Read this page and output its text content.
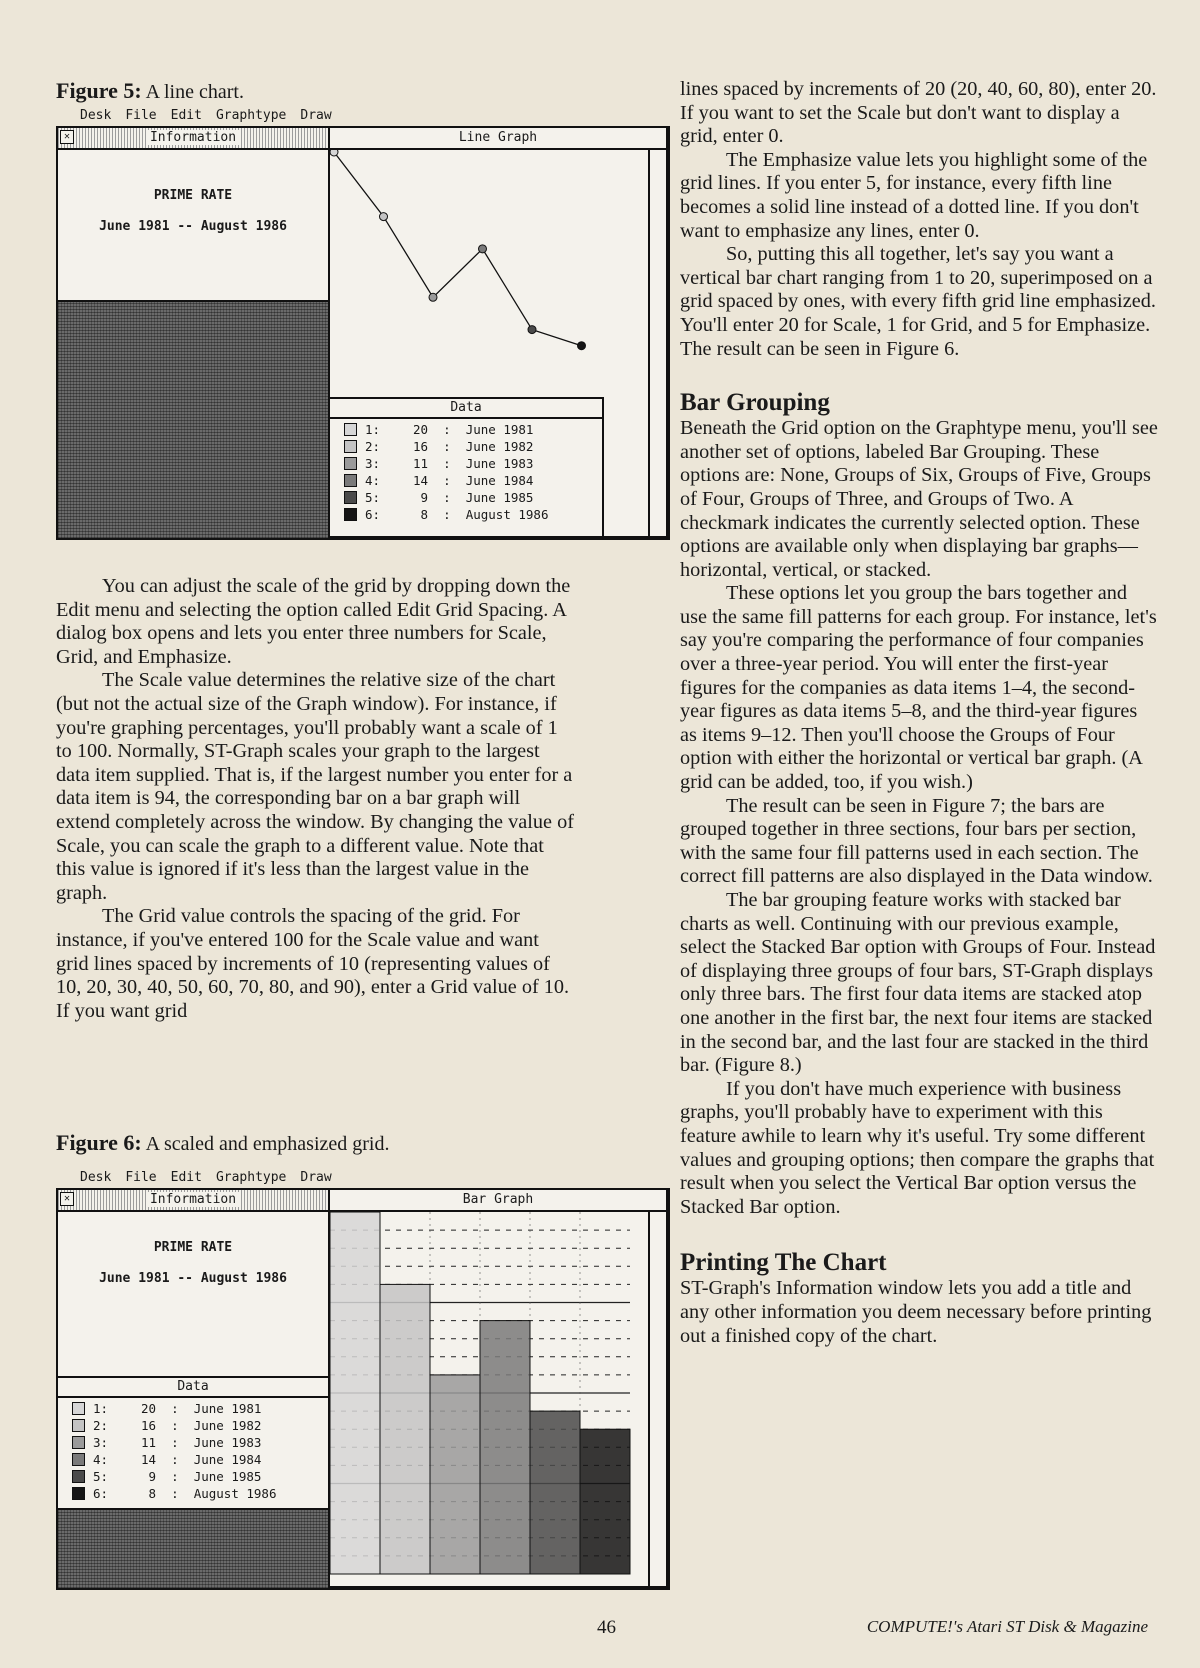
Figure 5: A line chart.
Desk File Edit Graphtype Draw
Line Graph
✕	Information
PRIME RATE
June 1981 -- August 1986
Data
1:	20  :  June 1981
2:	16  :  June 1982
3:	11  :  June 1983
4:	14  :  June 1984
5:	9  :  June 1985
6:	8  :  August 1986

You can adjust the scale of the grid by dropping down the Edit menu and selecting the option called Edit Grid Spacing. A dialog box opens and lets you enter three numbers for Scale, Grid, and Emphasize.

The Scale value determines the relative size of the chart (but not the actual size of the Graph window). For instance, if you're graphing percentages, you'll probably want a scale of 1 to 100. Normally, ST-Graph scales your graph to the largest data item supplied. That is, if the largest number you enter for a data item is 94, the corresponding bar on a bar graph will extend completely across the window. By changing the value of Scale, you can scale the graph to a different value. Note that this value is ignored if it's less than the largest value in the graph.

The Grid value controls the spacing of the grid. For instance, if you've entered 100 for the Scale value and want grid lines spaced by increments of 10 (representing values of 10, 20, 30, 40, 50, 60, 70, 80, and 90), enter a Grid value of 10. If you want grid

Figure 6: A scaled and emphasized grid.
Desk File Edit Graphtype Draw
Bar Graph
✕	Information
PRIME RATE
June 1981 -- August 1986
Data
1:	20  :  June 1981
2:	16  :  June 1982
3:	11  :  June 1983
4:	14  :  June 1984
5:	9  :  June 1985
6:	8  :  August 1986

lines spaced by increments of 20 (20, 40, 60, 80), enter 20. If you want to set the Scale but don't want to display a grid, enter 0.

The Emphasize value lets you highlight some of the grid lines. If you enter 5, for instance, every fifth line becomes a solid line instead of a dotted line. If you don't want to emphasize any lines, enter 0.

So, putting this all together, let's say you want a vertical bar chart ranging from 1 to 20, superimposed on a grid spaced by ones, with every fifth grid line emphasized. You'll enter 20 for Scale, 1 for Grid, and 5 for Emphasize. The result can be seen in Figure 6.

Bar Grouping

Beneath the Grid option on the Graphtype menu, you'll see another set of options, labeled Bar Grouping. These options are: None, Groups of Six, Groups of Five, Groups of Four, Groups of Three, and Groups of Two. A checkmark indicates the currently selected option. These options are available only when displaying bar graphs—horizontal, vertical, or stacked.

These options let you group the bars together and use the same fill patterns for each group. For instance, let's say you're comparing the performance of four companies over a three-year period. You will enter the first-year figures for the companies as data items 1–4, the second-year figures as data items 5–8, and the third-year figures as items 9–12. Then you'll choose the Groups of Four option with either the horizontal or vertical bar graph. (A grid can be added, too, if you wish.)

The result can be seen in Figure 7; the bars are grouped together in three sections, four bars per section, with the same four fill patterns used in each section. The correct fill patterns are also displayed in the Data window.

The bar grouping feature works with stacked bar charts as well. Continuing with our previous example, select the Stacked Bar option with Groups of Four. Instead of displaying three groups of four bars, ST-Graph displays only three bars. The first four data items are stacked atop one another in the first bar, the next four items are stacked in the second bar, and the last four are stacked in the third bar. (Figure 8.)

If you don't have much experience with business graphs, you'll probably have to experiment with this feature awhile to learn why it's useful. Try some different values and grouping options; then compare the graphs that result when you select the Vertical Bar option versus the Stacked Bar option.

Printing The Chart

ST-Graph's Information window lets you add a title and any other information you deem necessary before printing out a finished copy of the chart.

46	COMPUTE!'s Atari ST Disk & Magazine
